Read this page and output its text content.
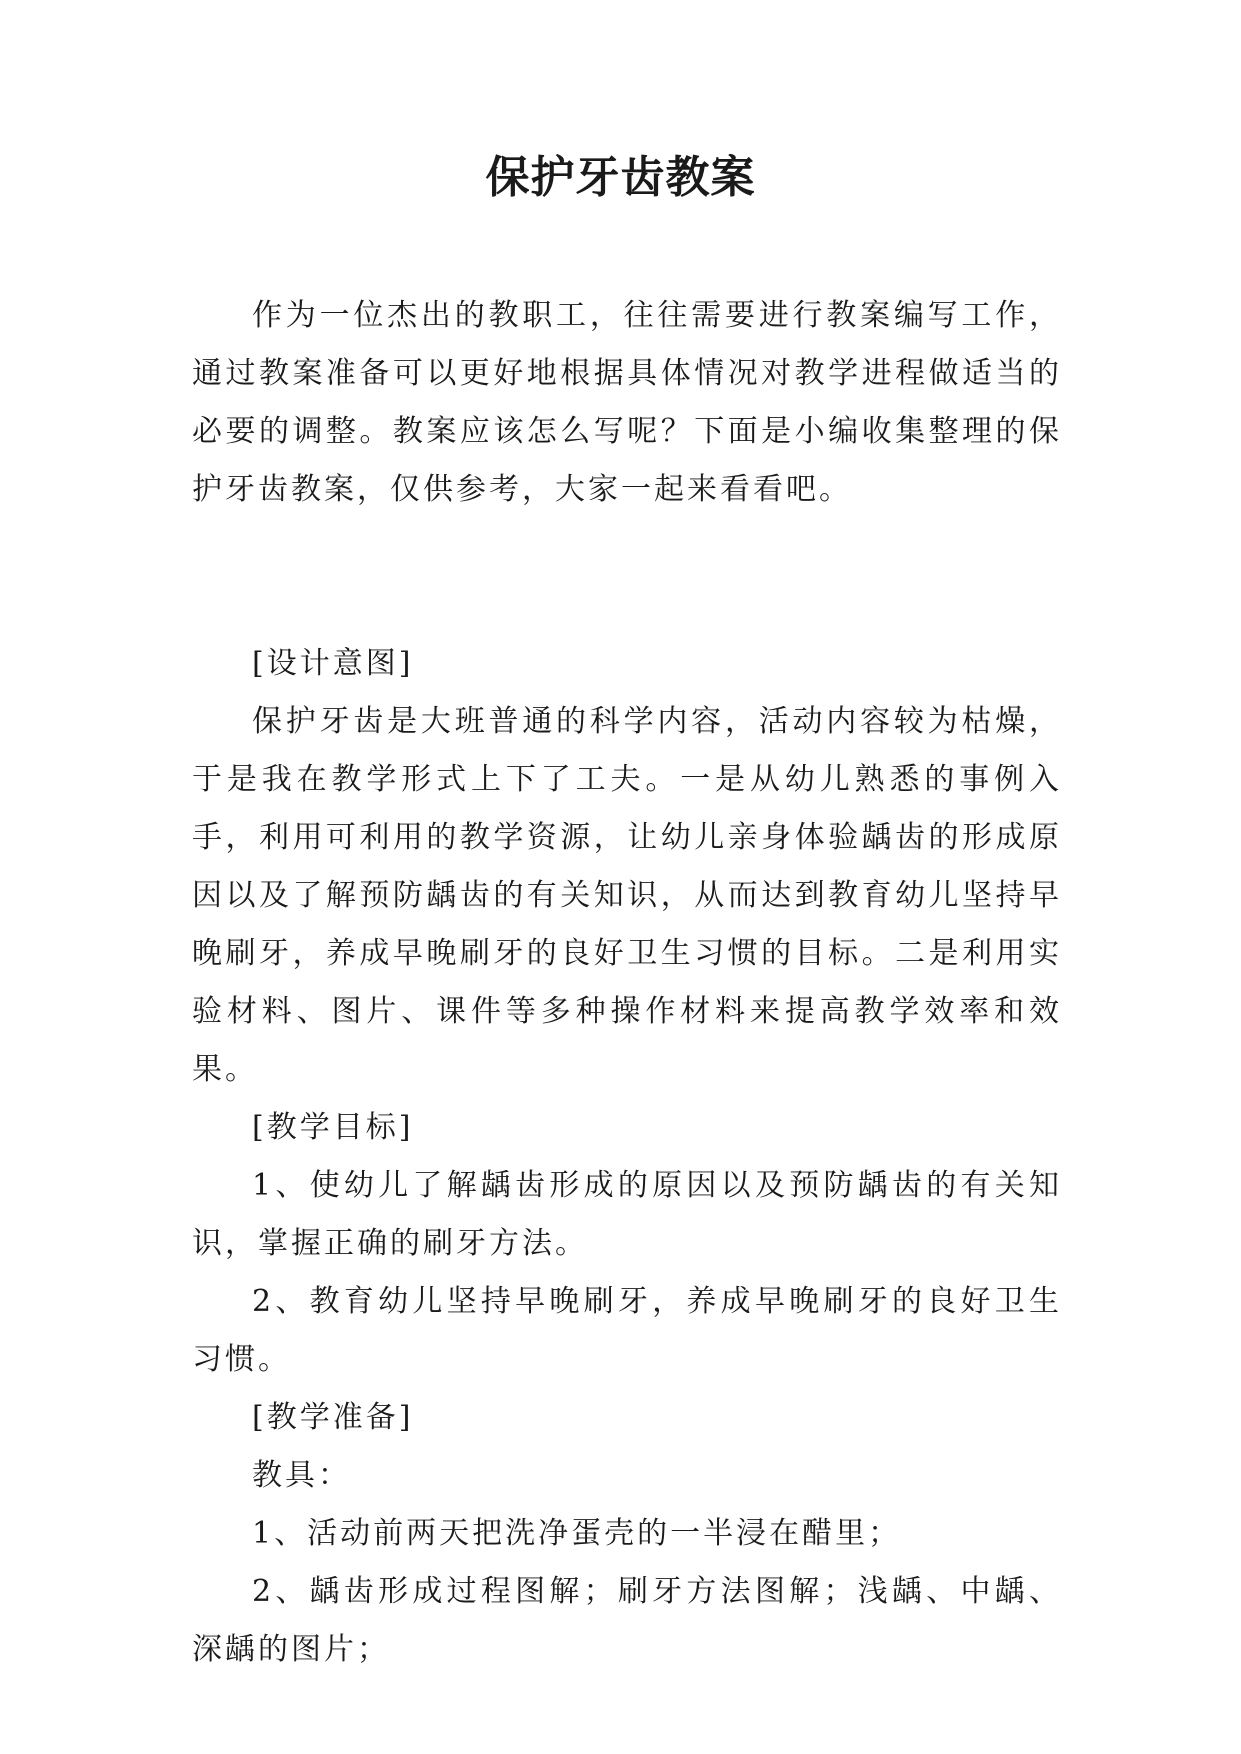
保护牙齿教案

作为一位杰出的教职工，往往需要进行教案编写工作，通过教案准备可以更好地根据具体情况对教学进程做适当的必要的调整。教案应该怎么写呢？下面是小编收集整理的保护牙齿教案，仅供参考，大家一起来看看吧。

[设计意图]

保护牙齿是大班普通的科学内容，活动内容较为枯燥，于是我在教学形式上下了工夫。一是从幼儿熟悉的事例入手，利用可利用的教学资源，让幼儿亲身体验龋齿的形成原因以及了解预防龋齿的有关知识，从而达到教育幼儿坚持早晚刷牙，养成早晚刷牙的良好卫生习惯的目标。二是利用实验材料、图片、课件等多种操作材料来提高教学效率和效果。

[教学目标]

1、使幼儿了解龋齿形成的原因以及预防龋齿的有关知识，掌握正确的刷牙方法。

2、教育幼儿坚持早晚刷牙，养成早晚刷牙的良好卫生习惯。

[教学准备]

教具：

1、活动前两天把洗净蛋壳的一半浸在醋里；

2、龋齿形成过程图解；刷牙方法图解；浅龋、中龋、深龋的图片；
